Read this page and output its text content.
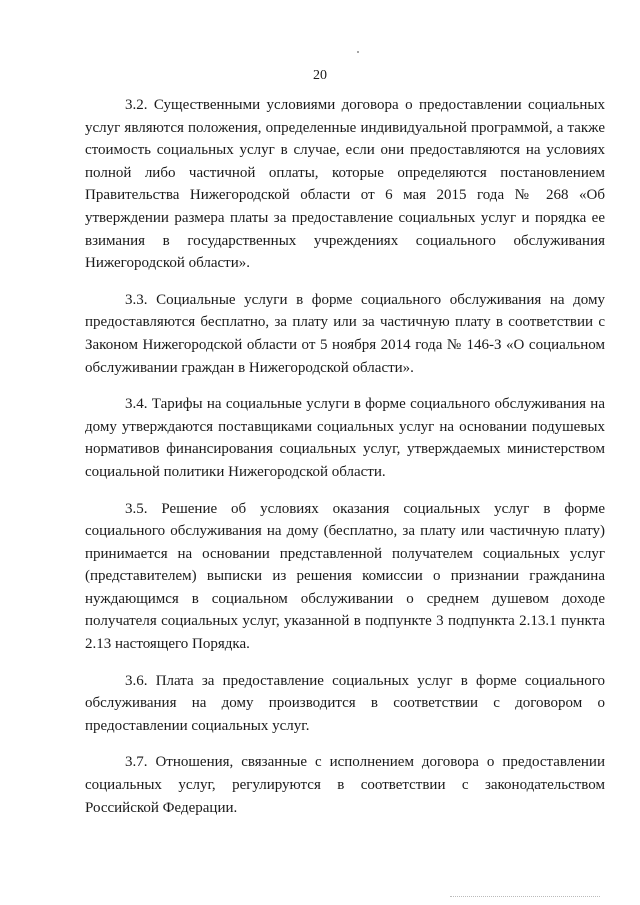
20

3.2. Существенными условиями договора о предоставлении социальных услуг являются положения, определенные индивидуальной программой, а также стоимость социальных услуг в случае, если они предоставляются на условиях полной либо частичной оплаты, которые определяются постановлением Правительства Нижегородской области от 6 мая 2015 года № 268 «Об утверждении размера платы за предоставление социальных услуг и порядка ее взимания в государственных учреждениях социального обслуживания Нижегородской области».

3.3. Социальные услуги в форме социального обслуживания на дому предоставляются бесплатно, за плату или за частичную плату в соответствии с Законом Нижегородской области от 5 ноября 2014 года № 146-З «О социальном обслуживании граждан в Нижегородской области».

3.4. Тарифы на социальные услуги в форме социального обслуживания на дому утверждаются поставщиками социальных услуг на основании подушевых нормативов финансирования социальных услуг, утверждаемых министерством социальной политики Нижегородской области.

3.5. Решение об условиях оказания социальных услуг в форме социального обслуживания на дому (бесплатно, за плату или частичную плату) принимается на основании представленной получателем социальных услуг (представителем) выписки из решения комиссии о признании гражданина нуждающимся в социальном обслуживании о среднем душевом доходе получателя социальных услуг, указанной в подпункте 3 подпункта 2.13.1 пункта 2.13 настоящего Порядка.

3.6. Плата за предоставление социальных услуг в форме социального обслуживания на дому производится в соответствии с договором о предоставлении социальных услуг.

3.7. Отношения, связанные с исполнением договора о предоставлении социальных услуг, регулируются в соответствии с законодательством Российской Федерации.
